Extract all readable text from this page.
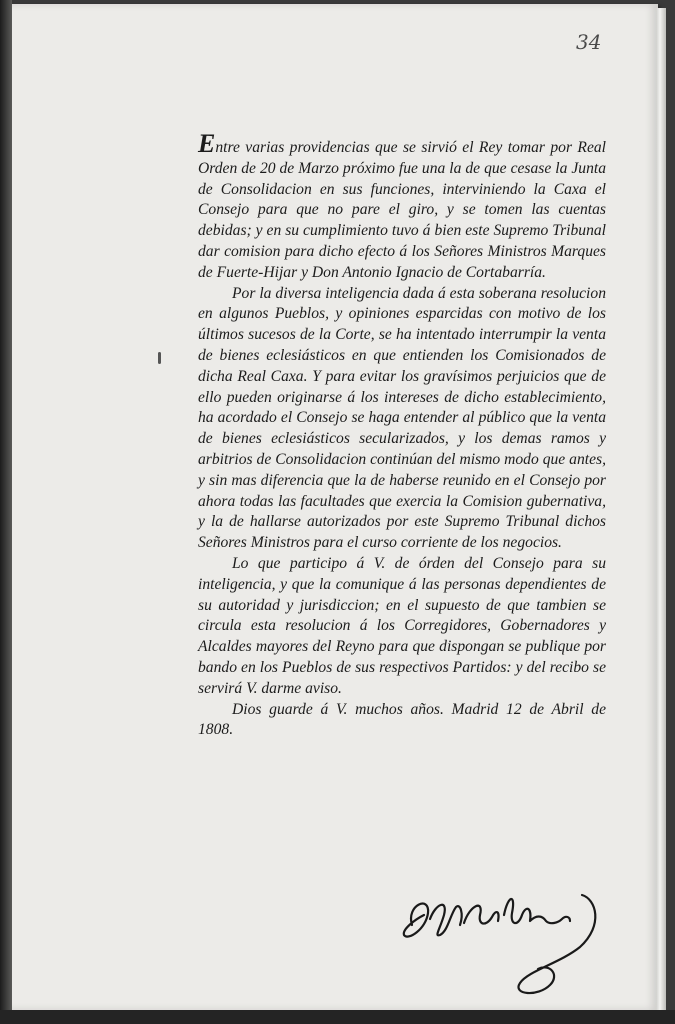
34

Entre varias providencias que se sirvió el Rey tomar por Real Orden de 20 de Marzo próximo fue una la de que cesase la Junta de Consolidacion en sus funciones, interviniendo la Caxa el Consejo para que no pare el giro, y se tomen las cuentas debidas; y en su cumplimiento tuvo á bien este Supremo Tribunal dar comision para dicho efecto á los Señores Ministros Marques de Fuerte-Hijar y Don Antonio Ignacio de Cortabarría.

Por la diversa inteligencia dada á esta soberana resolucion en algunos Pueblos, y opiniones esparcidas con motivo de los últimos sucesos de la Corte, se ha intentado interrumpir la venta de bienes eclesiásticos en que entienden los Comisionados de dicha Real Caxa. Y para evitar los gravísimos perjuicios que de ello pueden originarse á los intereses de dicho establecimiento, ha acordado el Consejo se haga entender al público que la venta de bienes eclesiásticos secularizados, y los demas ramos y arbitrios de Consolidacion continúan del mismo modo que antes, y sin mas diferencia que la de haberse reunido en el Consejo por ahora todas las facultades que exercia la Comision gubernativa, y la de hallarse autorizados por este Supremo Tribunal dichos Señores Ministros para el curso corriente de los negocios.

Lo que participo á V. de órden del Consejo para su inteligencia, y que la comunique á las personas dependientes de su autoridad y jurisdiccion; en el supuesto de que tambien se circula esta resolucion á los Corregidores, Gobernadores y Alcaldes mayores del Reyno para que dispongan se publique por bando en los Pueblos de sus respectivos Partidos: y del recibo se servirá V. darme aviso.

Dios guarde á V. muchos años. Madrid 12 de Abril de 1808.

D. Bartolomé Muñoz
